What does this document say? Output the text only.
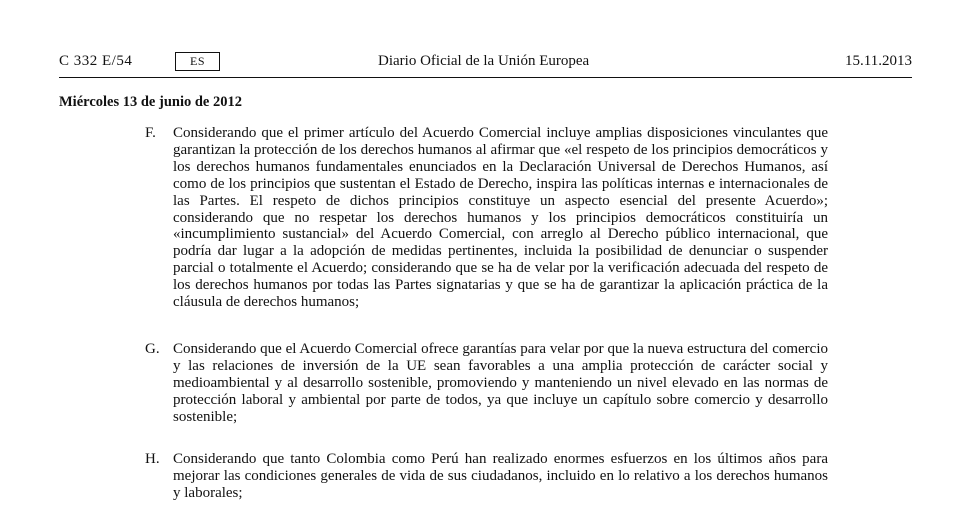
C 332 E/54	ES	Diario Oficial de la Unión Europea	15.11.2013
Miércoles 13 de junio de 2012
F. Considerando que el primer artículo del Acuerdo Comercial incluye amplias disposiciones vinculantes que garantizan la protección de los derechos humanos al afirmar que «el respeto de los principios democráticos y los derechos humanos fundamentales enunciados en la Declaración Universal de Derechos Humanos, así como de los principios que sustentan el Estado de Derecho, inspira las políticas internas e internacionales de las Partes. El respeto de dichos principios constituye un aspecto esencial del presente Acuerdo»; considerando que no respetar los derechos humanos y los principios democráticos constituiría un «incumplimiento sustancial» del Acuerdo Comercial, con arreglo al Derecho público internacional, que podría dar lugar a la adopción de medidas pertinentes, incluida la posibilidad de denunciar o suspender parcial o totalmente el Acuerdo; considerando que se ha de velar por la verificación adecuada del respeto de los derechos humanos por todas las Partes signatarias y que se ha de garantizar la aplicación práctica de la cláusula de derechos humanos;
G. Considerando que el Acuerdo Comercial ofrece garantías para velar por que la nueva estructura del comercio y las relaciones de inversión de la UE sean favorables a una amplia protección de carácter social y medioambiental y al desarrollo sostenible, promoviendo y manteniendo un nivel elevado en las normas de protección laboral y ambiental por parte de todos, ya que incluye un capítulo sobre comercio y desarrollo sostenible;
H. Considerando que tanto Colombia como Perú han realizado enormes esfuerzos en los últimos años para mejorar las condiciones generales de vida de sus ciudadanos, incluido en lo relativo a los derechos humanos y laborales;
